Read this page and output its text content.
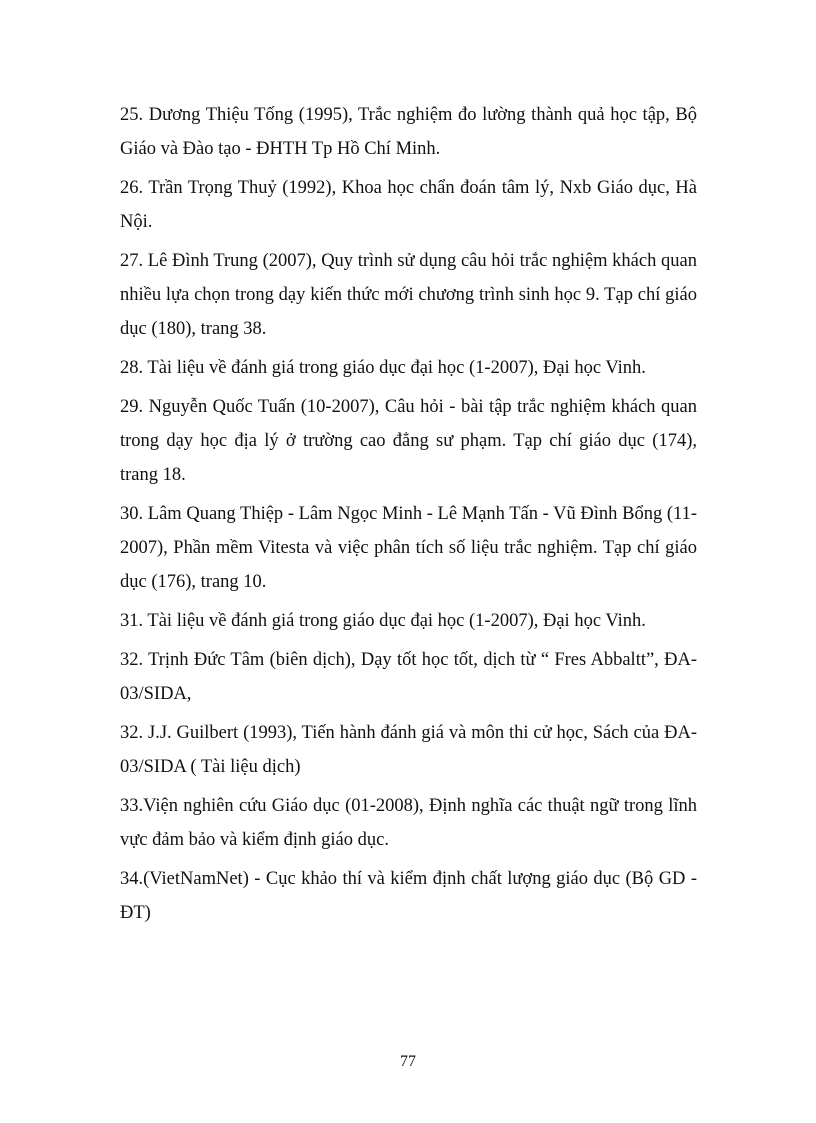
25. Dương Thiệu Tống (1995), Trắc nghiệm đo lường thành quả học tập, Bộ Giáo và Đào tạo - ĐHTH Tp Hồ Chí Minh.
26. Trần Trọng Thuỷ (1992), Khoa học chẩn đoán tâm lý, Nxb Giáo dục, Hà Nội.
27. Lê Đình Trung (2007), Quy trình sử dụng câu hỏi trắc nghiệm khách quan nhiều lựa chọn trong dạy kiến thức mới chương trình sinh học 9. Tạp chí giáo dục (180), trang 38.
28. Tài liệu về đánh giá trong giáo dục đại học (1-2007), Đại học Vinh.
29. Nguyễn Quốc Tuấn (10-2007), Câu hỏi - bài tập trắc nghiệm khách quan trong dạy học địa lý ở trường cao đẳng sư phạm. Tạp chí giáo dục (174), trang 18.
30. Lâm Quang Thiệp - Lâm Ngọc Minh - Lê Mạnh Tấn - Vũ Đình Bổng (11-2007), Phần mềm Vitesta và việc phân tích số liệu trắc nghiệm. Tạp chí giáo dục (176), trang 10.
31. Tài liệu về đánh giá trong giáo dục đại học (1-2007), Đại học Vinh.
32. Trịnh Đức Tâm (biên dịch), Dạy tốt học tốt, dịch từ “ Fres Abbaltt”, ĐA-03/SIDA,
32. J.J. Guilbert (1993), Tiến hành đánh giá và môn thi cử học, Sách của ĐA-03/SIDA ( Tài liệu dịch)
33.Viện nghiên cứu Giáo dục (01-2008), Định nghĩa các thuật ngữ trong lĩnh vực đảm bảo và kiểm định giáo dục.
34.(VietNamNet) - Cục khảo thí và kiểm định chất lượng giáo dục (Bộ GD - ĐT)
77
